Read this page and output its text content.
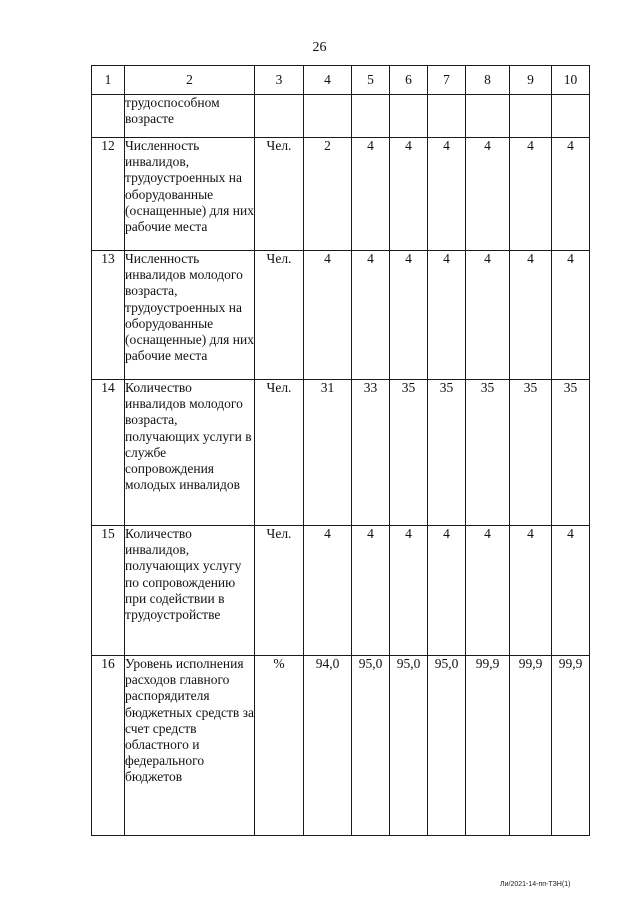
26
1	2	3	4	5	6	7	8	9	10
	трудоспособном возрасте								
12	Численность инвалидов, трудоустроенных на оборудованные (оснащенные) для них рабочие места	Чел.	2	4	4	4	4	4	4
13	Численность инвалидов молодого возраста, трудоустроенных на оборудованные (оснащенные) для них рабочие места	Чел.	4	4	4	4	4	4	4
14	Количество инвалидов молодого возраста, получающих услуги в службе сопровождения молодых инвалидов	Чел.	31	33	35	35	35	35	35
15	Количество инвалидов, получающих услугу по сопровождению при содействии в трудоустройстве	Чел.	4	4	4	4	4	4	4
16	Уровень исполнения расходов главного распорядителя бюджетных средств за счет средств областного и федерального бюджетов	%	94,0	95,0	95,0	95,0	99,9	99,9	99,9
Ли/2021-14-пп-ТЗН(1)
